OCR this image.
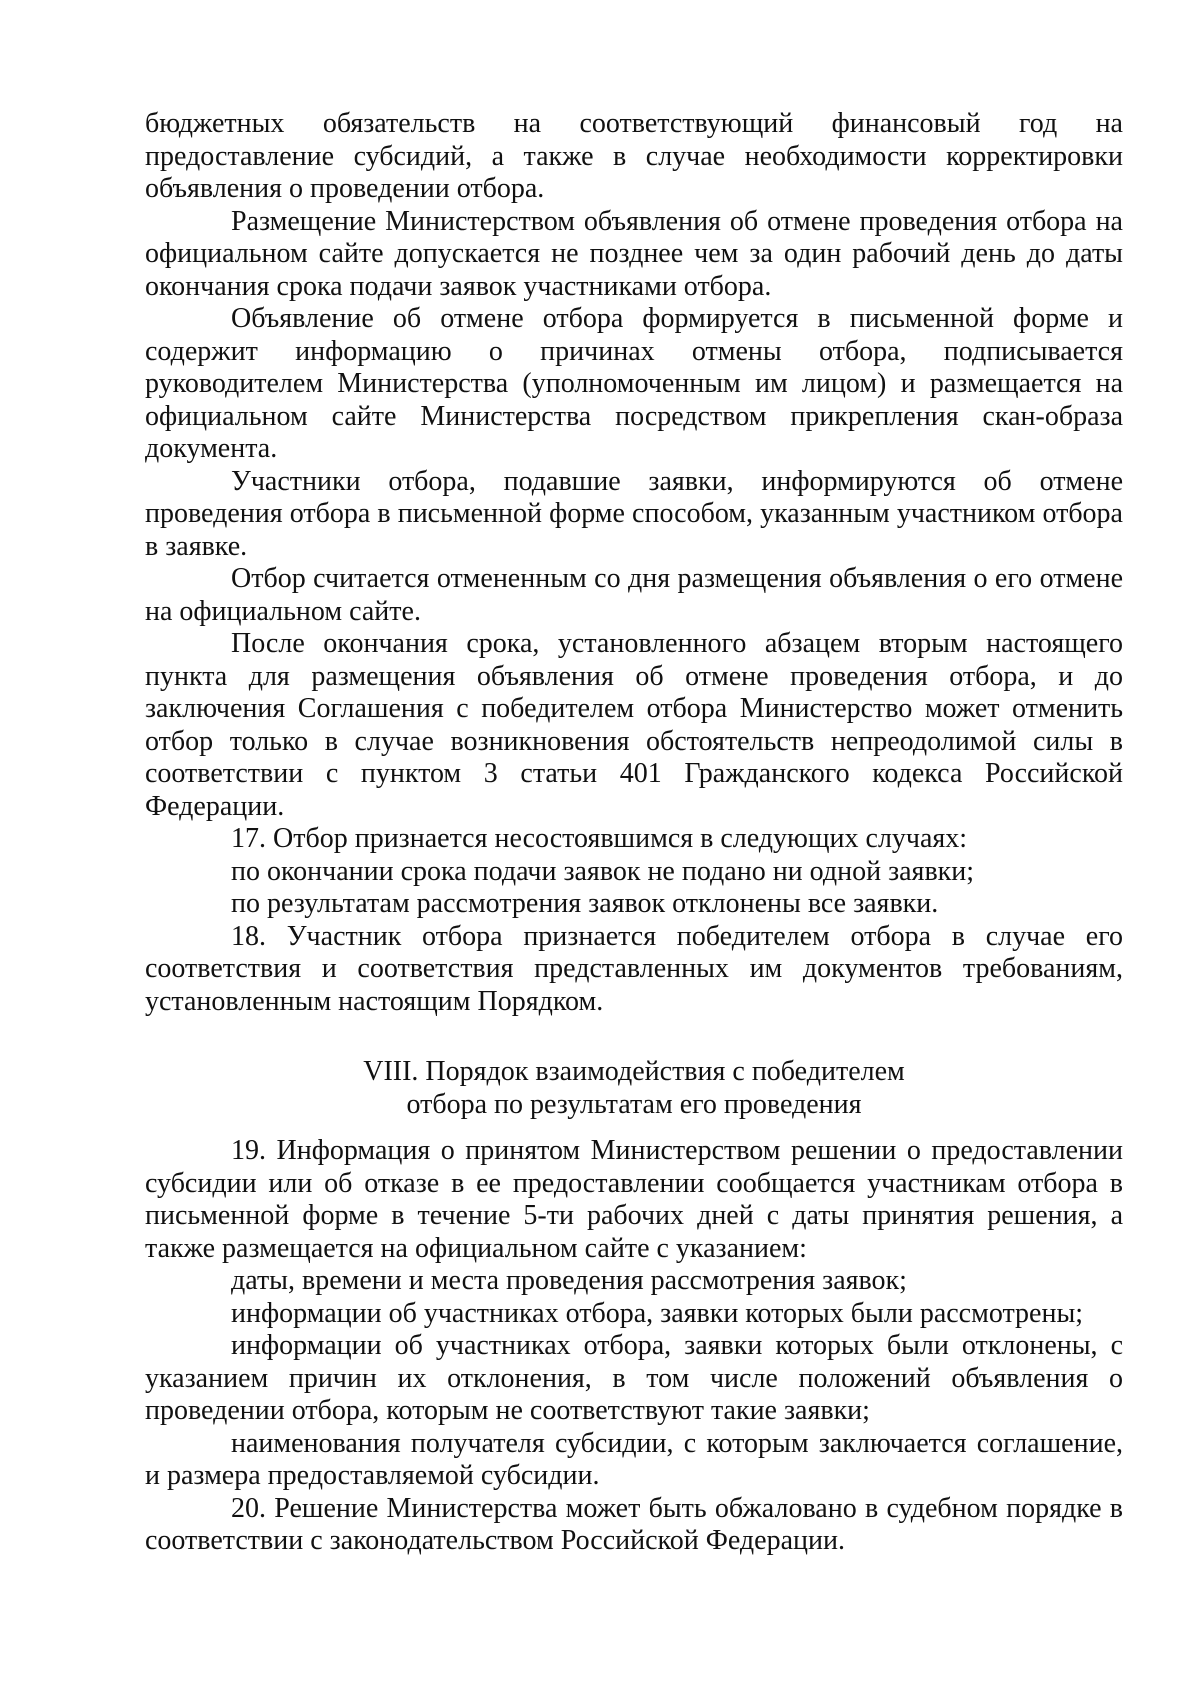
бюджетных обязательств на соответствующий финансовый год на предоставление субсидий, а также в случае необходимости корректировки объявления о проведении отбора.

Размещение Министерством объявления об отмене проведения отбора на официальном сайте допускается не позднее чем за один рабочий день до даты окончания срока подачи заявок участниками отбора.

Объявление об отмене отбора формируется в письменной форме и содержит информацию о причинах отмены отбора, подписывается руководителем Министерства (уполномоченным им лицом) и размещается на официальном сайте Министерства посредством прикрепления скан-образа документа.

Участники отбора, подавшие заявки, информируются об отмене проведения отбора в письменной форме способом, указанным участником отбора в заявке.

Отбор считается отмененным со дня размещения объявления о его отмене на официальном сайте.

После окончания срока, установленного абзацем вторым настоящего пункта для размещения объявления об отмене проведения отбора, и до заключения Соглашения с победителем отбора Министерство может отменить отбор только в случае возникновения обстоятельств непреодолимой силы в соответствии с пунктом 3 статьи 401 Гражданского кодекса Российской Федерации.

17. Отбор признается несостоявшимся в следующих случаях:

по окончании срока подачи заявок не подано ни одной заявки;

по результатам рассмотрения заявок отклонены все заявки.

18. Участник отбора признается победителем отбора в случае его соответствия и соответствия представленных им документов требованиям, установленным настоящим Порядком.

VIII. Порядок взаимодействия с победителем
отбора по результатам его проведения

19. Информация о принятом Министерством решении о предоставлении субсидии или об отказе в ее предоставлении сообщается участникам отбора в письменной форме в течение 5-ти рабочих дней с даты принятия решения, а также размещается на официальном сайте с указанием:

даты, времени и места проведения рассмотрения заявок;

информации об участниках отбора, заявки которых были рассмотрены;

информации об участниках отбора, заявки которых были отклонены, с указанием причин их отклонения, в том числе положений объявления о проведении отбора, которым не соответствуют такие заявки;

наименования получателя субсидии, с которым заключается соглашение, и размера предоставляемой субсидии.

20. Решение Министерства может быть обжаловано в судебном порядке в соответствии с законодательством Российской Федерации.
